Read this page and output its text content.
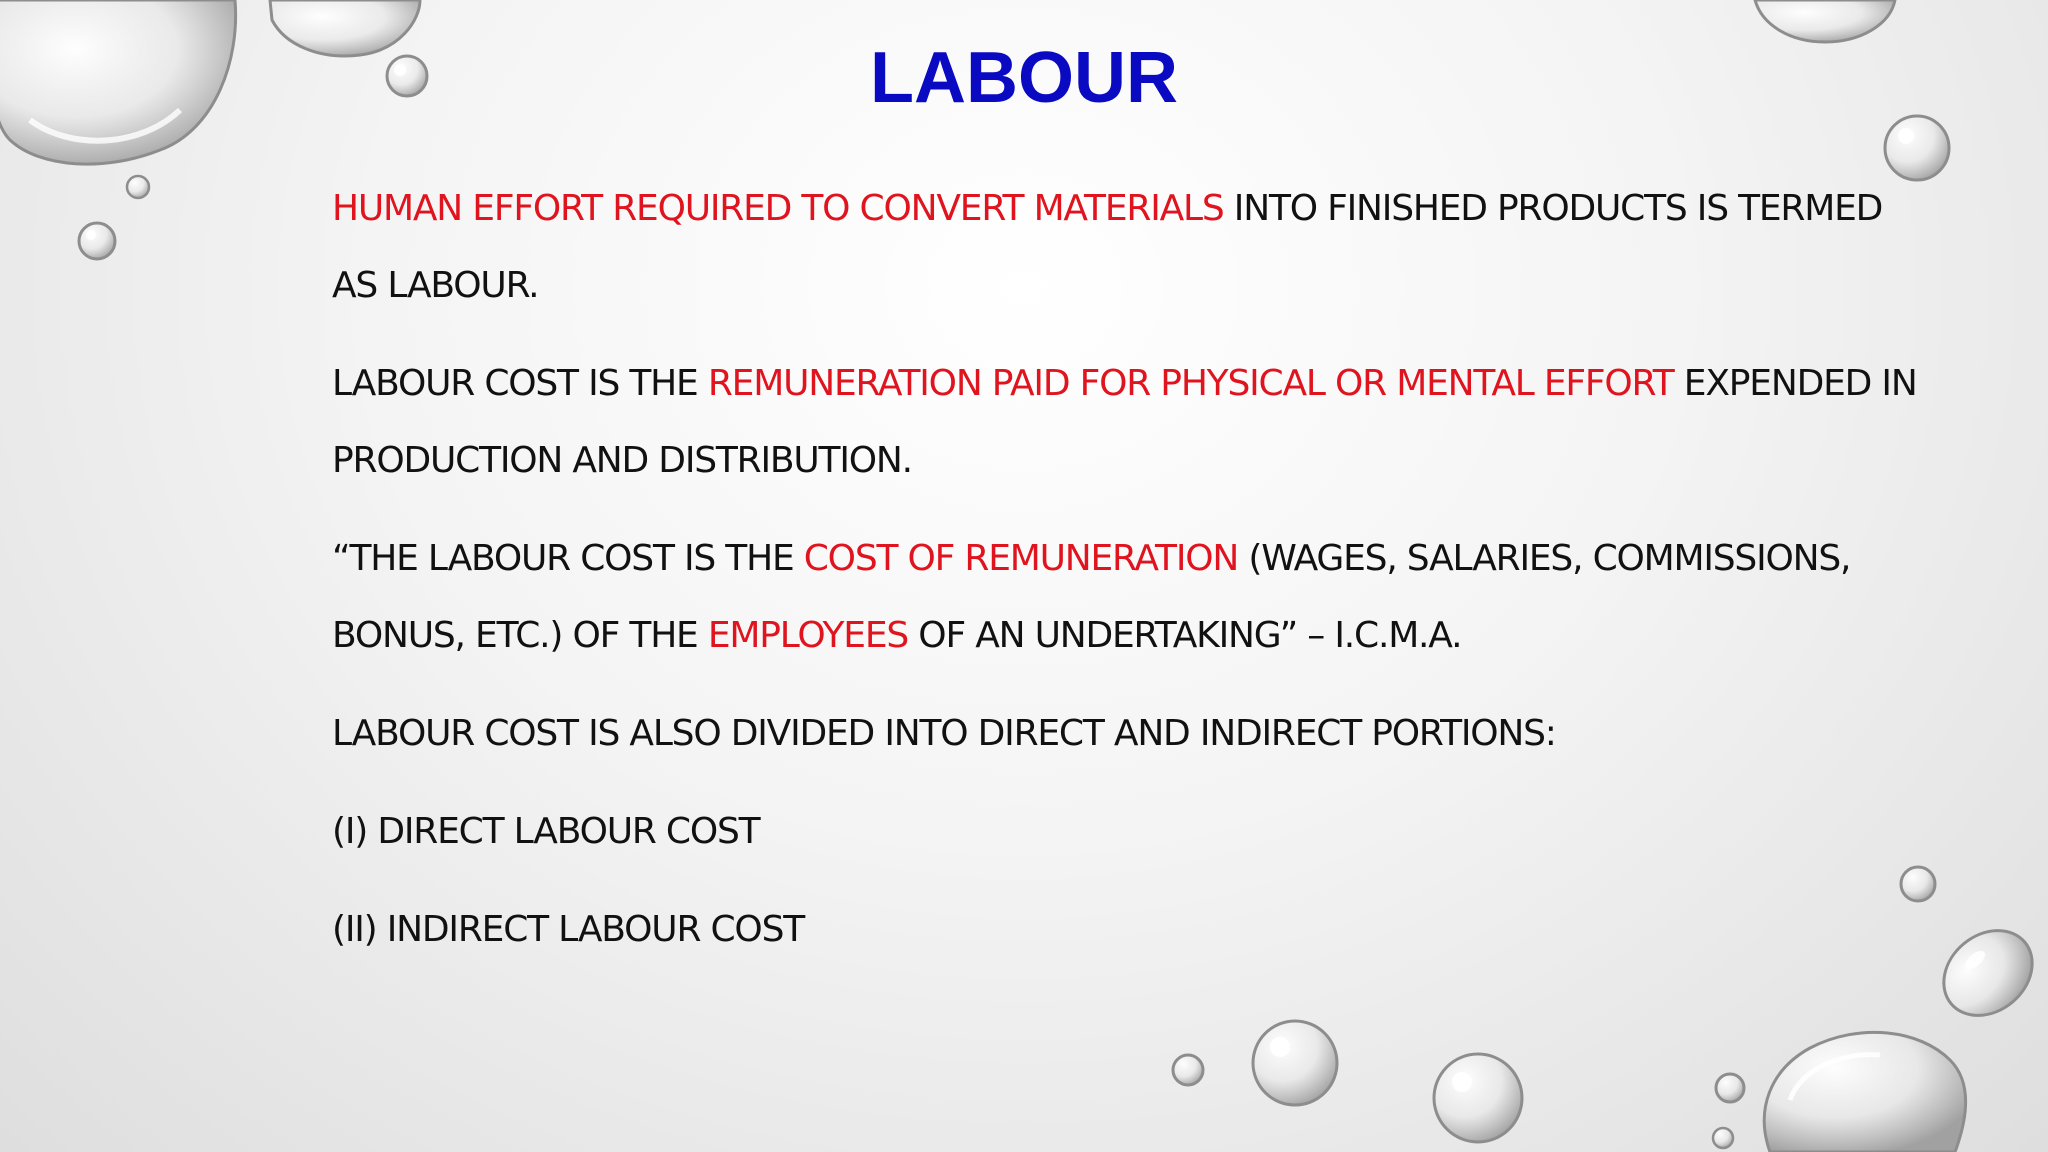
LABOUR

HUMAN EFFORT REQUIRED TO CONVERT MATERIALS INTO FINISHED PRODUCTS IS TERMED
AS LABOUR.

LABOUR COST IS THE REMUNERATION PAID FOR PHYSICAL OR MENTAL EFFORT EXPENDED IN
PRODUCTION AND DISTRIBUTION.

“THE LABOUR COST IS THE COST OF REMUNERATION (WAGES, SALARIES, COMMISSIONS,
BONUS, ETC.) OF THE EMPLOYEES OF AN UNDERTAKING” – I.C.M.A.

LABOUR COST IS ALSO DIVIDED INTO DIRECT AND INDIRECT PORTIONS:

(I) DIRECT LABOUR COST

(II) INDIRECT LABOUR COST
